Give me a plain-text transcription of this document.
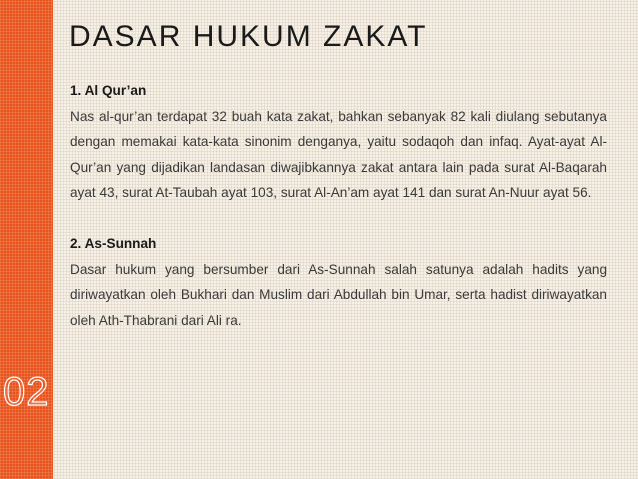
02
DASAR HUKUM ZAKAT

1. Al Qur’an

Nas al-qur’an terdapat 32 buah kata zakat, bahkan sebanyak 82 kali diulang sebutanya dengan memakai kata-kata sinonim denganya, yaitu sodaqoh dan infaq. Ayat-ayat Al-Qur’an yang dijadikan landasan diwajibkannya zakat antara lain pada surat Al-Baqarah ayat 43, surat At-Taubah ayat 103, surat Al-An’am ayat 141 dan surat An-Nuur ayat 56.

2. As-Sunnah

Dasar hukum yang bersumber dari As-Sunnah salah satunya adalah hadits yang diriwayatkan oleh Bukhari dan Muslim dari Abdullah bin Umar, serta hadist diriwayatkan oleh Ath-Thabrani dari Ali ra.
